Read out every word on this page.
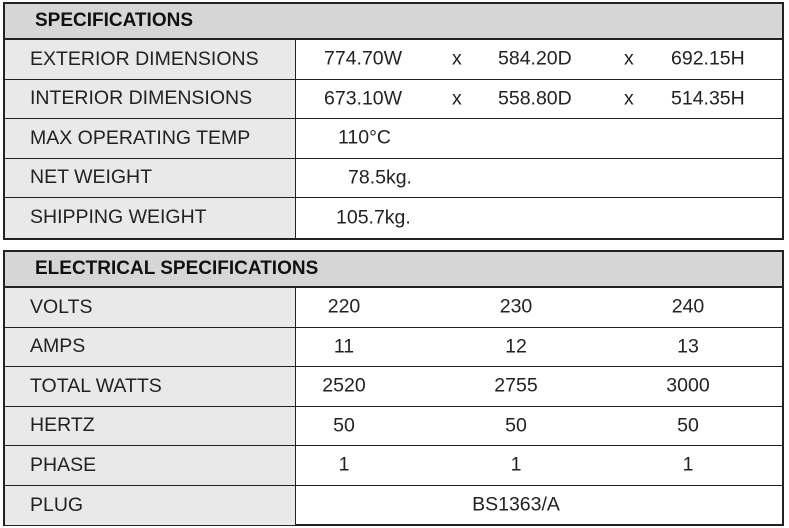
SPECIFICATIONS
EXTERIOR DIMENSIONS	774.70W	x 584.20D	x 692.15H
INTERIOR DIMENSIONS	673.10W	x 558.80D	x 514.35H
MAX OPERATING TEMP	110°C
NET WEIGHT	78.5kg.
SHIPPING WEIGHT	105.7kg.
ELECTRICAL SPECIFICATIONS
VOLTS	220	230	240
AMPS	11	12	13
TOTAL WATTS	2520	2755	3000
HERTZ	50	50	50
PHASE	1	1	1
PLUG	BS1363/A
